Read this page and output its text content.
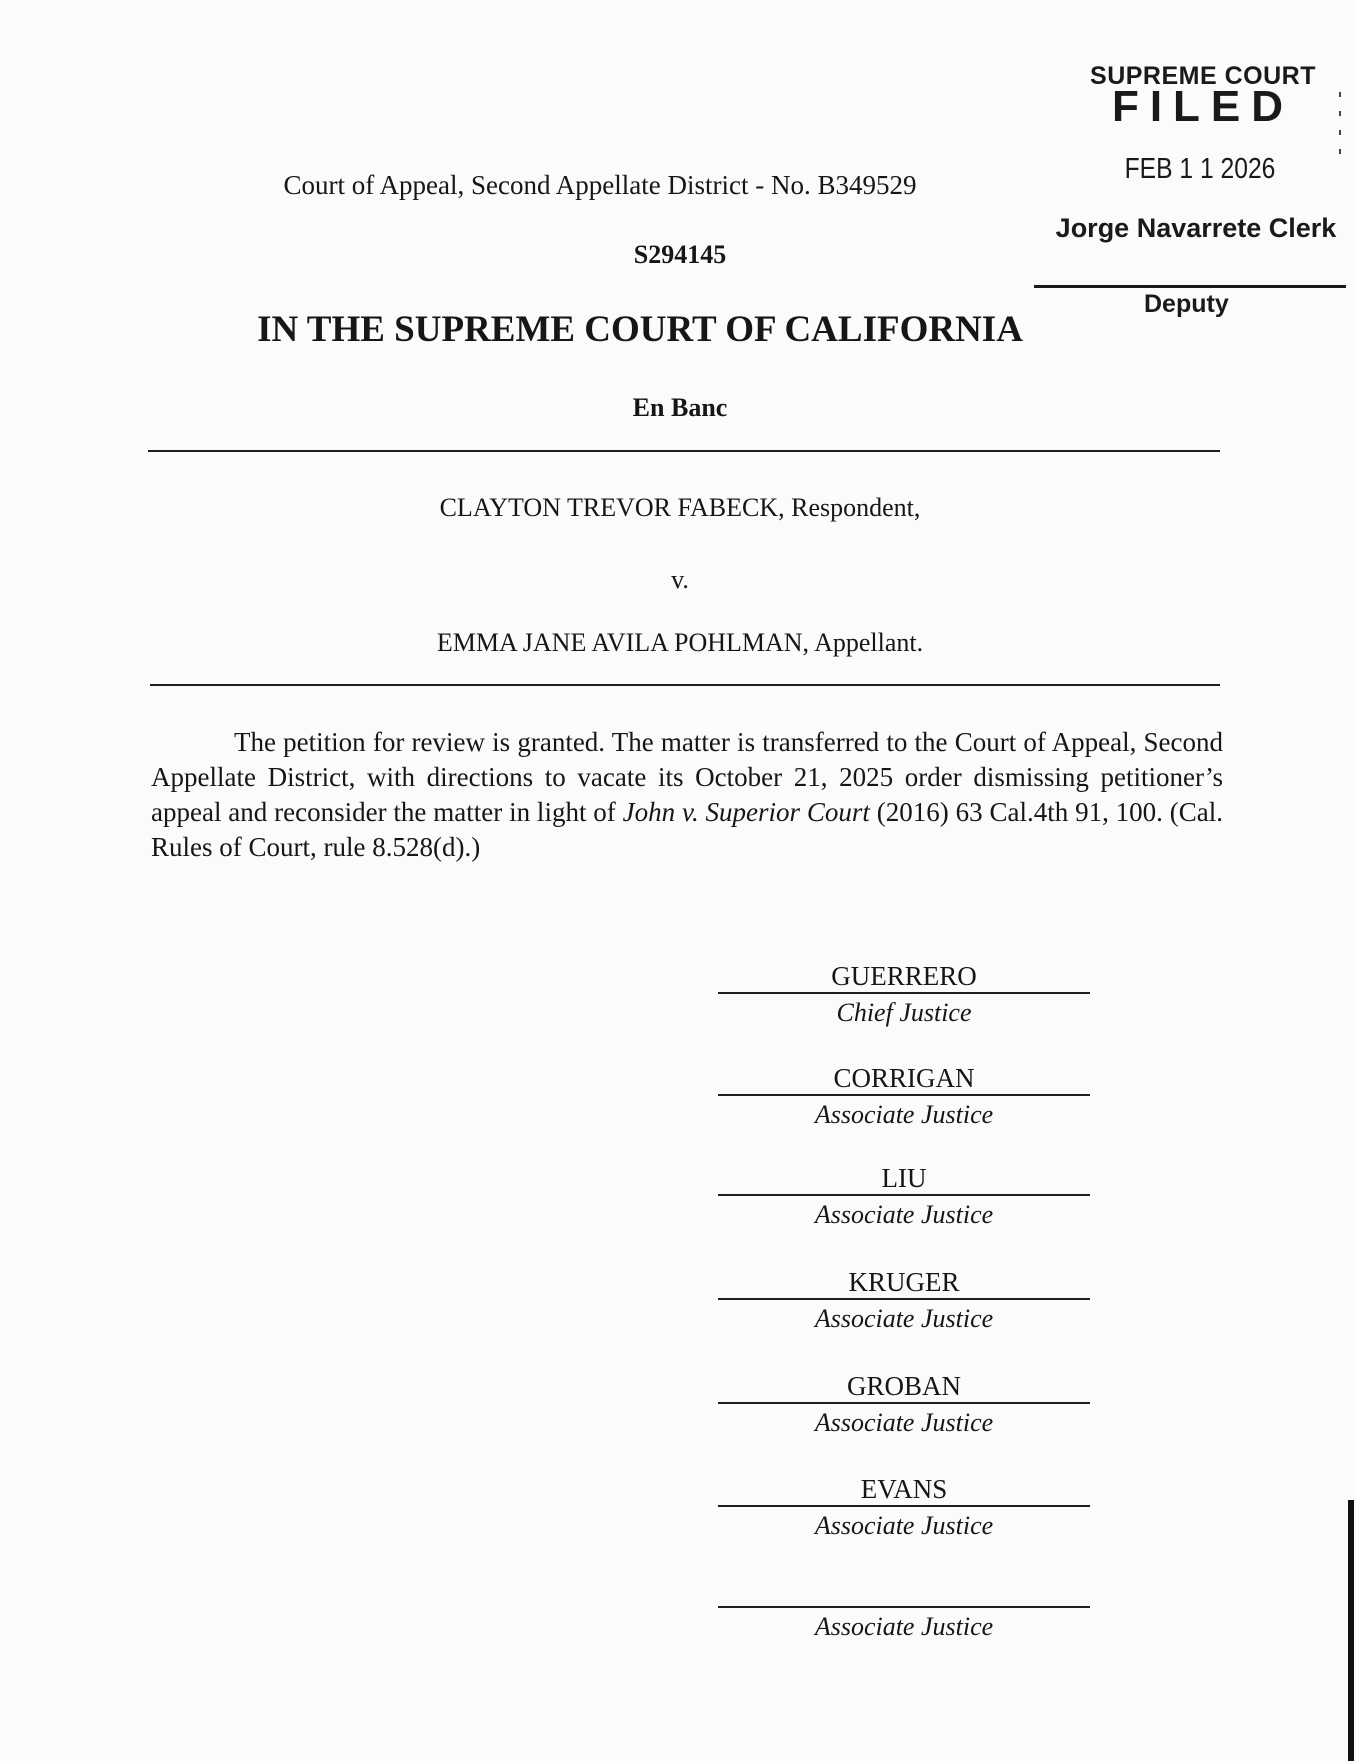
SUPREME COURT
FILED
FEB 1 1 2026
Jorge Navarrete Clerk
Deputy
Court of Appeal, Second Appellate District - No. B349529
S294145
IN THE SUPREME COURT OF CALIFORNIA
En Banc
CLAYTON TREVOR FABECK, Respondent,
v.
EMMA JANE AVILA POHLMAN, Appellant.

The petition for review is granted. The matter is transferred to the Court of Appeal, Second Appellate District, with directions to vacate its October 21, 2025 order dismissing petitioner’s appeal and reconsider the matter in light of John v. Superior Court (2016) 63 Cal.4th 91, 100. (Cal. Rules of Court, rule 8.528(d).)

GUERRERO
Chief Justice
CORRIGAN
Associate Justice
LIU
Associate Justice
KRUGER
Associate Justice
GROBAN
Associate Justice
EVANS
Associate Justice
Associate Justice
